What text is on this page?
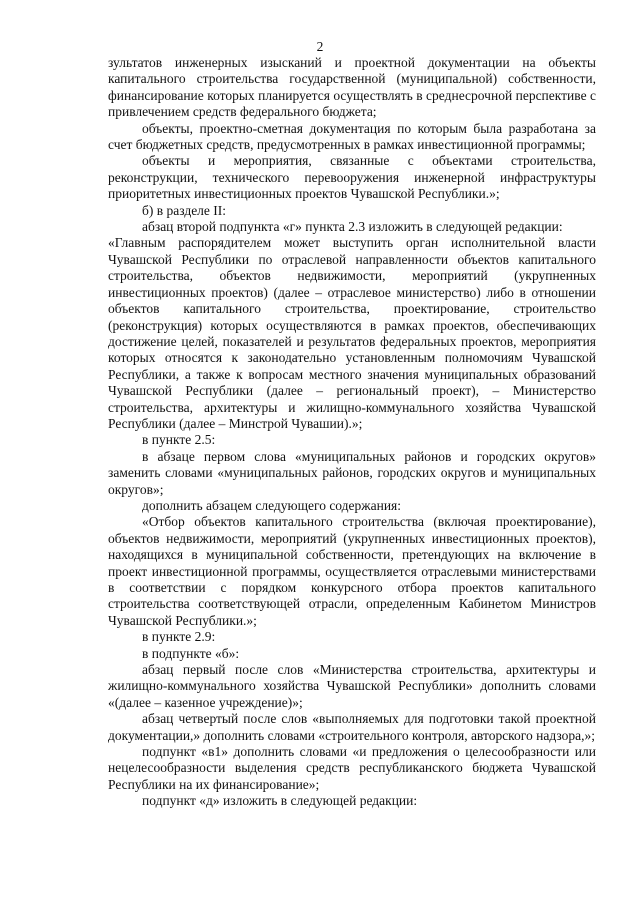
2

зультатов инженерных изысканий и проектной документации на объекты капитального строительства государственной (муниципальной) собственности, финансирование которых планируется осуществлять в среднесрочной перспективе с привлечением средств федерального бюджета;

объекты, проектно-сметная документация по которым была разработана за счет бюджетных средств, предусмотренных в рамках инвестиционной программы;

объекты и мероприятия, связанные с объектами строительства, реконструкции, технического перевооружения инженерной инфраструктуры приоритетных инвестиционных проектов Чувашской Республики.»;

б) в разделе II:

абзац второй подпункта «г» пункта 2.3 изложить в следующей редакции:

«Главным распорядителем может выступить орган исполнительной власти Чувашской Республики по отраслевой направленности объектов капитального строительства, объектов недвижимости, мероприятий (укрупненных инвестиционных проектов) (далее – отраслевое министерство) либо в отношении объектов капитального строительства, проектирование, строительство (реконструкция) которых осуществляются в рамках проектов, обеспечивающих достижение целей, показателей и результатов федеральных проектов, мероприятия которых относятся к законодательно установленным полномочиям Чувашской Республики, а также к вопросам местного значения муниципальных образований Чувашской Республики (далее – региональный проект), – Министерство строительства, архитектуры и жилищно-коммунального хозяйства Чувашской Республики (далее – Минстрой Чувашии).»;

в пункте 2.5:

в абзаце первом слова «муниципальных районов и городских округов» заменить словами «муниципальных районов, городских округов и муниципальных округов»;

дополнить абзацем следующего содержания:

«Отбор объектов капитального строительства (включая проектирование), объектов недвижимости, мероприятий (укрупненных инвестиционных проектов), находящихся в муниципальной собственности, претендующих на включение в проект инвестиционной программы, осуществляется отраслевыми министерствами в соответствии с порядком конкурсного отбора проектов капитального строительства соответствующей отрасли, определенным Кабинетом Министров Чувашской Республики.»;

в пункте 2.9:

в подпункте «б»:

абзац первый после слов «Министерства строительства, архитектуры и жилищно-коммунального хозяйства Чувашской Республики» дополнить словами «(далее – казенное учреждение)»;

абзац четвертый после слов «выполняемых для подготовки такой проектной документации,» дополнить словами «строительного контроля, авторского надзора,»;

подпункт «в1» дополнить словами «и предложения о целесообразности или нецелесообразности выделения средств республиканского бюджета Чувашской Республики на их финансирование»;

подпункт «д» изложить в следующей редакции:
